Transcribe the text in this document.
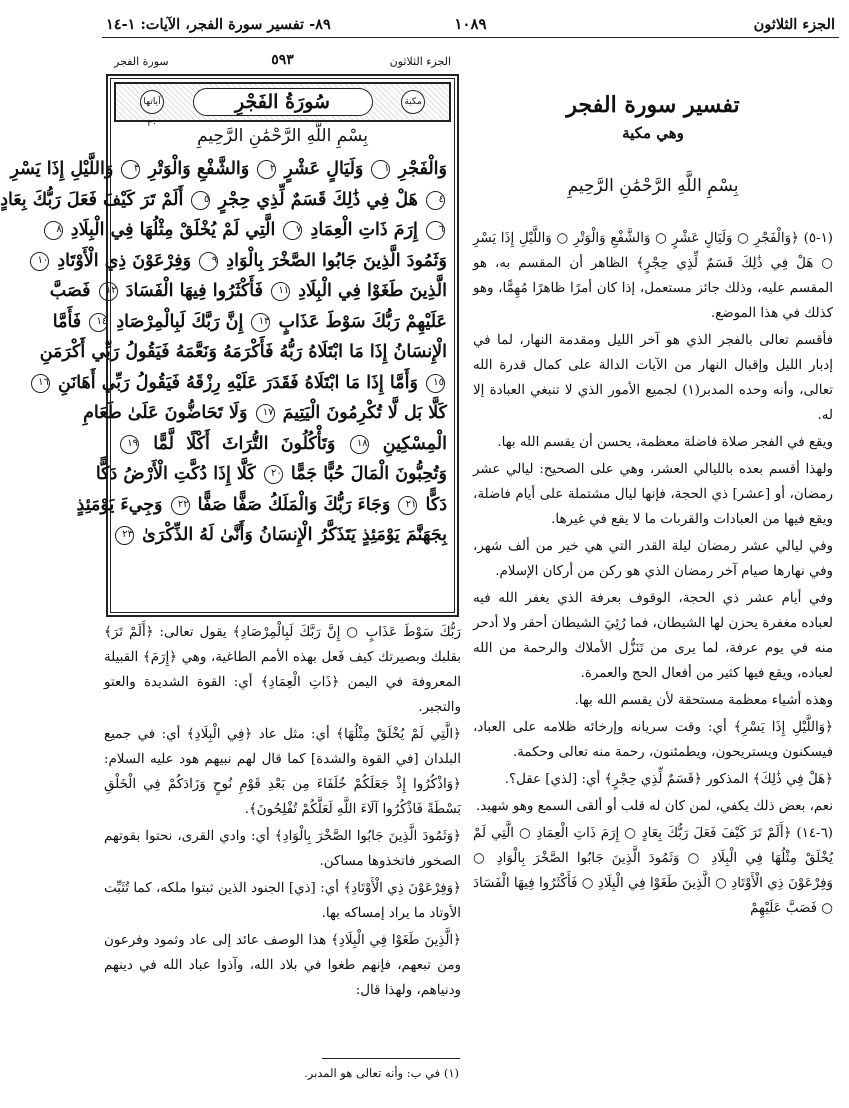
الجزء الثلاثون
١٠٨٩
٨٩- تفسير سورة الفجر، الآيات: ١-١٤
تفسير سورة الفجر
وهي مكية
بِسْمِ اللَّهِ الرَّحْمَٰنِ الرَّحِيمِ

(١-٥) ﴿وَالْفَجْرِ ○ وَلَيَالٍ عَشْرٍ ○ وَالشَّفْعِ وَالْوَتْرِ ○ وَاللَّيْلِ إِذَا يَسْرِ ○ هَلْ فِي ذَٰلِكَ قَسَمٌ لِّذِي حِجْرٍ﴾ الظاهر أن المقسم به، هو المقسم عليه، وذلك جائز مستعمل، إذا كان أمرًا ظاهرًا مُهِمًّا، وهو كذلك في هذا الموضع.

فأقسم تعالى بالفجر الذي هو آخر الليل ومقدمة النهار، لما في إدبار الليل وإقبال النهار من الآيات الدالة على كمال قدرة الله تعالى، وأنه وحده المدبر(١) لجميع الأمور الذي لا تنبغي العبادة إلا له.

ويقع في الفجر صلاة فاضلة معظمة، يحسن أن يقسم الله بها.

ولهذا أقسم بعده بالليالي العشر، وهي على الصحيح: ليالي عشر رمضان، أو [عشر] ذي الحجة، فإنها ليال مشتملة على أيام فاضلة، ويقع فيها من العبادات والقربات ما لا يقع في غيرها.

وفي ليالي عشر رمضان ليلة القدر التي هي خير من ألف شهر، وفي نهارها صيام آخر رمضان الذي هو ركن من أركان الإسلام.

وفي أيام عشر ذي الحجة، الوقوف بعرفة الذي يغفر الله فيه لعباده مغفرة يحزن لها الشيطان، فما رُئِيَ الشيطان أحقر ولا أدحر منه في يوم عرفة، لما يرى من تَنَزُّل الأملاك والرحمة من الله لعباده، ويقع فيها كثير من أفعال الحج والعمرة.

وهذه أشياء معظمة مستحقة لأن يقسم الله بها.

﴿وَاللَّيْلِ إِذَا يَسْرِ﴾ أي: وقت سريانه وإرخائه ظلامه على العباد، فيسكنون ويستريحون، ويطمئنون، رحمة منه تعالى وحكمة.

﴿هَلْ فِي ذَٰلِكَ﴾ المذكور ﴿قَسَمٌ لِّذِي حِجْرٍ﴾ أي: [لذي] عقل؟.

نعم، بعض ذلك يكفي، لمن كان له قلب أو ألقى السمع وهو شهيد.

(٦-١٤) ﴿أَلَمْ تَرَ كَيْفَ فَعَلَ رَبُّكَ بِعَادٍ ○ إِرَمَ ذَاتِ الْعِمَادِ ○ الَّتِي لَمْ يُخْلَقْ مِثْلُهَا فِي الْبِلَادِ ○ وَثَمُودَ الَّذِينَ جَابُوا الصَّخْرَ بِالْوَادِ ○ وَفِرْعَوْنَ ذِي الْأَوْتَادِ ○ الَّذِينَ طَغَوْا فِي الْبِلَادِ ○ فَأَكْثَرُوا فِيهَا الْفَسَادَ ○ فَصَبَّ عَلَيْهِمْ

الجزء الثلاثون
٥٩٣
سورة الفجر
مكية
سُورَةُ الفَجْرِ
آياتها ٣٠
بِسْمِ اللَّهِ الرَّحْمَٰنِ الرَّحِيمِ
وَالْفَجْرِ ١ وَلَيَالٍ عَشْرٍ ٢ وَالشَّفْعِ وَالْوَتْرِ ٣ وَاللَّيْلِ إِذَا يَسْرِ
٤ هَلْ فِي ذَٰلِكَ قَسَمٌ لِّذِي حِجْرٍ ٥ أَلَمْ تَرَ كَيْفَ فَعَلَ رَبُّكَ بِعَادٍ
٦ إِرَمَ ذَاتِ الْعِمَادِ ٧ الَّتِي لَمْ يُخْلَقْ مِثْلُهَا فِي الْبِلَادِ ٨
وَثَمُودَ الَّذِينَ جَابُوا الصَّخْرَ بِالْوَادِ ٩ وَفِرْعَوْنَ ذِي الْأَوْتَادِ ١٠
الَّذِينَ طَغَوْا فِي الْبِلَادِ ١١ فَأَكْثَرُوا فِيهَا الْفَسَادَ ١٢ فَصَبَّ
عَلَيْهِمْ رَبُّكَ سَوْطَ عَذَابٍ ١٣ إِنَّ رَبَّكَ لَبِالْمِرْصَادِ ١٤ فَأَمَّا
الْإِنسَانُ إِذَا مَا ابْتَلَاهُ رَبُّهُ فَأَكْرَمَهُ وَنَعَّمَهُ فَيَقُولُ رَبِّي أَكْرَمَنِ
١٥ وَأَمَّا إِذَا مَا ابْتَلَاهُ فَقَدَرَ عَلَيْهِ رِزْقَهُ فَيَقُولُ رَبِّي أَهَانَنِ ١٦
كَلَّا بَل لَّا تُكْرِمُونَ الْيَتِيمَ ١٧ وَلَا تَحَاضُّونَ عَلَىٰ طَعَامِ
الْمِسْكِينِ ١٨ وَتَأْكُلُونَ التُّرَاثَ أَكْلًا لَّمًّا ١٩
وَتُحِبُّونَ الْمَالَ حُبًّا جَمًّا ٢٠ كَلَّا إِذَا دُكَّتِ الْأَرْضُ دَكًّا
دَكًّا ٢١ وَجَاءَ رَبُّكَ وَالْمَلَكُ صَفًّا صَفًّا ٢٢ وَجِيءَ يَوْمَئِذٍ
بِجَهَنَّمَ يَوْمَئِذٍ يَتَذَكَّرُ الْإِنسَانُ وَأَنَّىٰ لَهُ الذِّكْرَىٰ ٢٣

رَبُّكَ سَوْطَ عَذَابٍ ○ إِنَّ رَبَّكَ لَبِالْمِرْصَادِ﴾ يقول تعالى: ﴿أَلَمْ تَرَ﴾ بقلبك وبصيرتك كيف فَعل بهذه الأمم الطاغية، وهي ﴿إِرَمَ﴾ القبيلة المعروفة في اليمن ﴿ذَاتِ الْعِمَادِ﴾ أي: القوة الشديدة والعتو والتجبر.

﴿الَّتِي لَمْ يُخْلَقْ مِثْلُهَا﴾ أي: مثل عاد ﴿فِي الْبِلَادِ﴾ أي: في جميع البلدان [في القوة والشدة] كما قال لهم نبيهم هود عليه السلام: ﴿وَاذْكُرُوا إِذْ جَعَلَكُمْ خُلَفَاءَ مِن بَعْدِ قَوْمِ نُوحٍ وَزَادَكُمْ فِي الْخَلْقِ بَسْطَةً فَاذْكُرُوا آلَاءَ اللَّهِ لَعَلَّكُمْ تُفْلِحُونَ﴾.

﴿وَثَمُودَ الَّذِينَ جَابُوا الصَّخْرَ بِالْوَادِ﴾ أي: وادي القرى، نحتوا بقوتهم الصخور فاتخذوها مساكن.

﴿وَفِرْعَوْنَ ذِي الْأَوْتَادِ﴾ أي: [ذي] الجنود الذين ثبتوا ملكه، كما تُثَبِّت الأوتاد ما يراد إمساكه بها.

﴿الَّذِينَ طَغَوْا فِي الْبِلَادِ﴾ هذا الوصف عائد إلى عاد وثمود وفرعون ومن تبعهم، فإنهم طغوا في بلاد الله، وآذوا عباد الله في دينهم ودنياهم، ولهذا قال:

(١) في ب: وأنه تعالى هو المدبر.
